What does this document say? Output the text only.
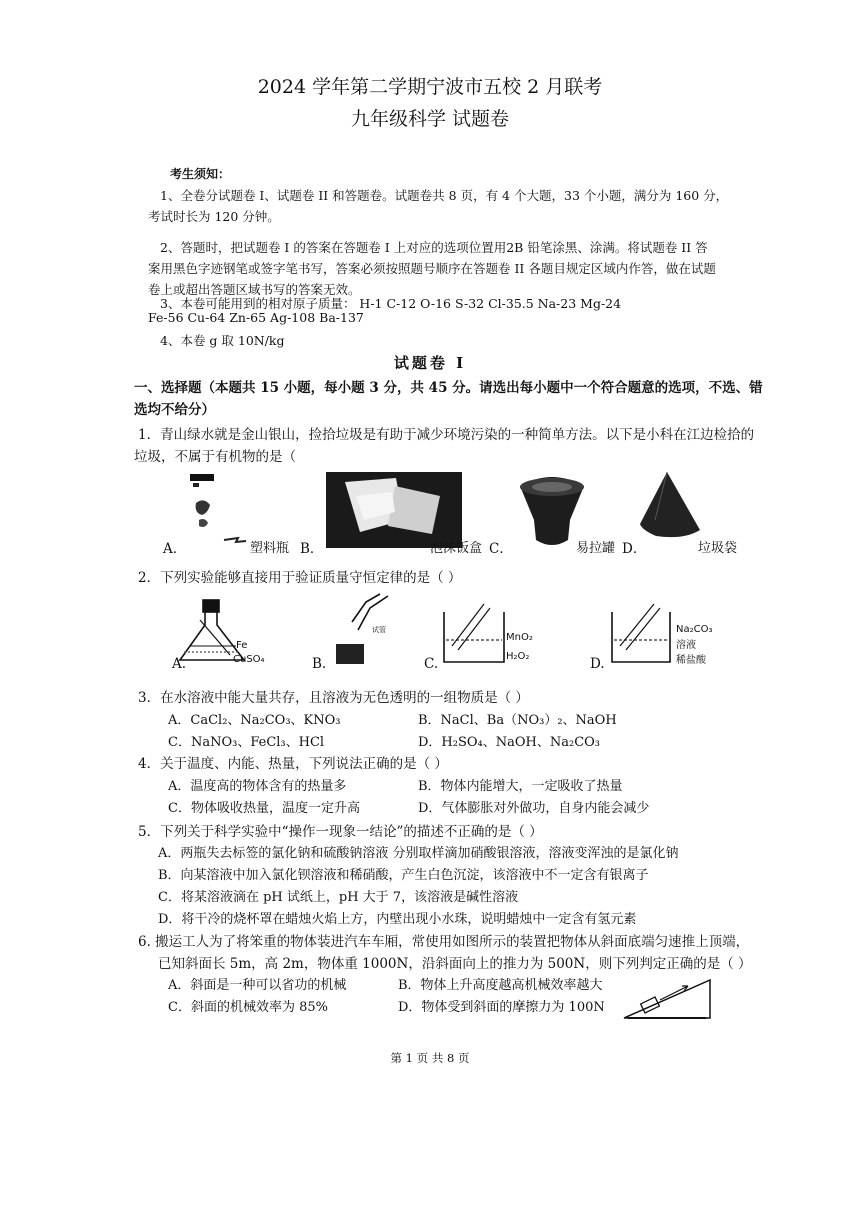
2024 学年第二学期宁波市五校 2 月联考
九年级科学 试题卷
考生须知：
1、全卷分试题卷 I、试题卷 II 和答题卷。试题卷共 8 页，有 4 个大题，33 个小题，满分为 160 分，
考试时长为 120 分钟。
2、答题时，把试题卷 I 的答案在答题卷 I 上对应的选项位置用2B 铅笔涂黑、涂满。将试题卷 II 答
案用黑色字迹钢笔或签字笔书写，答案必须按照题号顺序在答题卷 II 各题目规定区域内作答，做在试题
卷上或超出答题区域书写的答案无效。
3、本卷可能用到的相对原子质量： H-1 C-12 O-16 S-32 Cl-35.5 Na-23 Mg-24
Fe-56 Cu-64 Zn-65 Ag-108 Ba-137
4、本卷 g 取 10N/kg
试题卷 I
一、选择题（本题共 15 小题，每小题 3 分，共 45 分。请选出每小题中一个符合题意的选项，不选、错
选均不给分）
1．青山绿水就是金山银山，捡拾垃圾是有助于减少环境污染的一种简单方法。以下是小科在江边检拾的
垃圾，不属于有机物的是（
A．	塑料瓶 B．	泡沫饭盒 C．	易拉罐 D．	垃圾袋
2．下列实验能够直接用于验证质量守恒定律的是（ ）
Fe
CuSO₄
试管
MnO₂
H₂O₂
Na₂CO₃
溶液
稀盐酸
A.	B.	C.	D.
3．在水溶液中能大量共存，且溶液为无色透明的一组物质是（ ）
A．CaCl₂、Na₂CO₃、KNO₃	B．NaCl、Ba（NO₃）₂、NaOH
C．NaNO₃、FeCl₃、HCl	D．H₂SO₄、NaOH、Na₂CO₃
4．关于温度、内能、热量，下列说法正确的是（ ）
A．温度高的物体含有的热量多	B．物体内能增大，一定吸收了热量
C．物体吸收热量，温度一定升高	D．气体膨胀对外做功，自身内能会减少
5．下列关于科学实验中“操作一现象一结论”的描述不正确的是（ ）
A．两瓶失去标签的氯化钠和硫酸钠溶液 分别取样滴加硝酸银溶液，溶液变浑浊的是氯化钠
B．向某溶液中加入氯化钡溶液和稀硝酸，产生白色沉淀，该溶液中不一定含有银离子
C．将某溶液滴在 pH 试纸上，pH 大于 7，该溶液是碱性溶液
D．将干冷的烧杯罩在蜡烛火焰上方，内壁出现小水珠，说明蜡烛中一定含有氢元素
6. 搬运工人为了将笨重的物体装进汽车车厢，常使用如图所示的装置把物体从斜面底端匀速推上顶端，
已知斜面长 5m，高 2m，物体重 1000N，沿斜面向上的推力为 500N，则下列判定正确的是（ ）
A．斜面是一种可以省功的机械	B．物体上升高度越高机械效率越大
C．斜面的机械效率为 85%	D．物体受到斜面的摩擦力为 100N
第 1 页 共 8 页
